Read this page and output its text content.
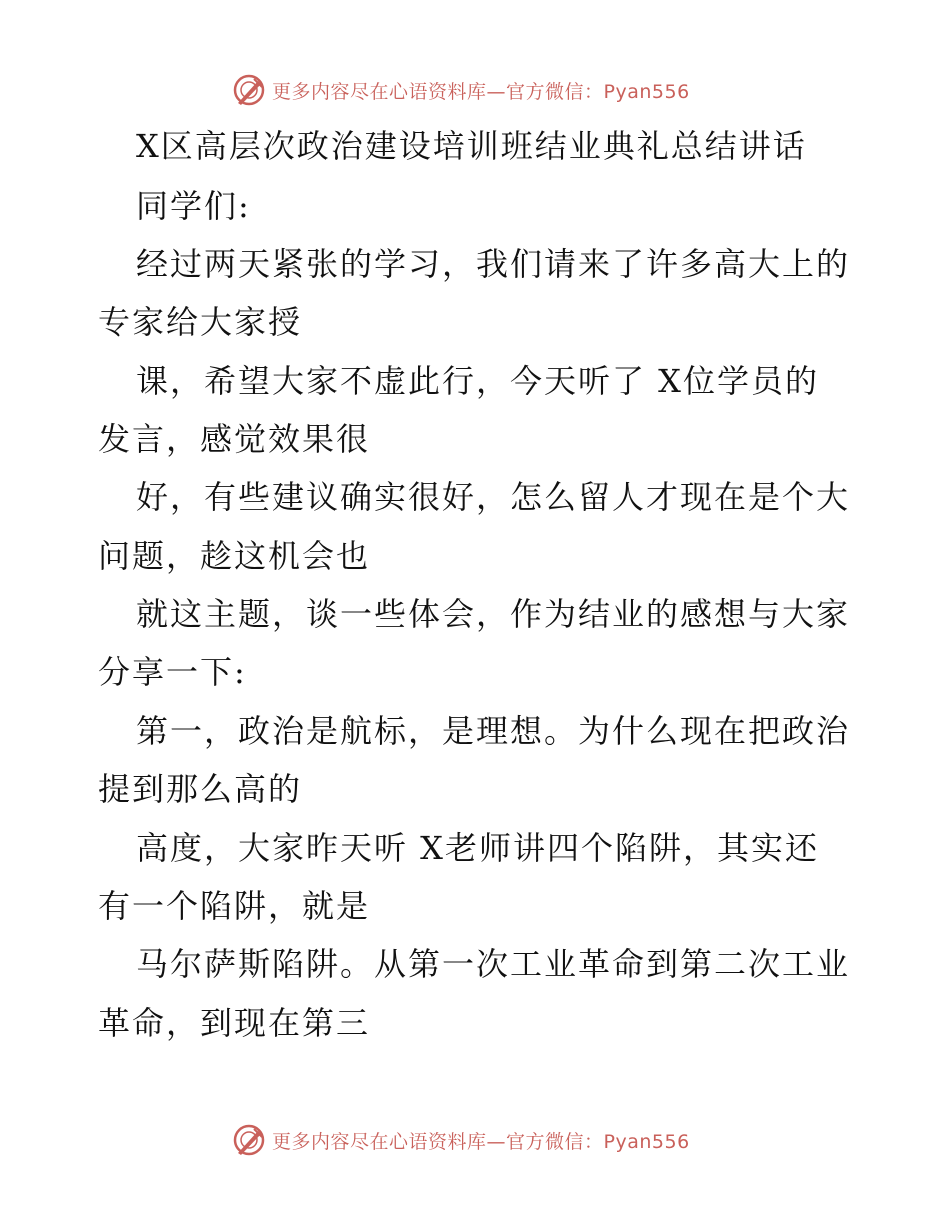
更多内容尽在心语资料库—官方微信：Pyan556
X区高层次政治建设培训班结业典礼总结讲话
同学们:
经过两天紧张的学习，我们请来了许多高大上的
专家给大家授
课，希望大家不虚此行，今天听了 X位学员的
发言，感觉效果很
好，有些建议确实很好，怎么留人才现在是个大
问题，趁这机会也
就这主题，谈一些体会，作为结业的感想与大家
分享一下:
第一，政治是航标，是理想。为什么现在把政治
提到那么高的
高度，大家昨天听 X老师讲四个陷阱，其实还
有一个陷阱，就是
马尔萨斯陷阱。从第一次工业革命到第二次工业
革命，到现在第三
更多内容尽在心语资料库—官方微信：Pyan556
